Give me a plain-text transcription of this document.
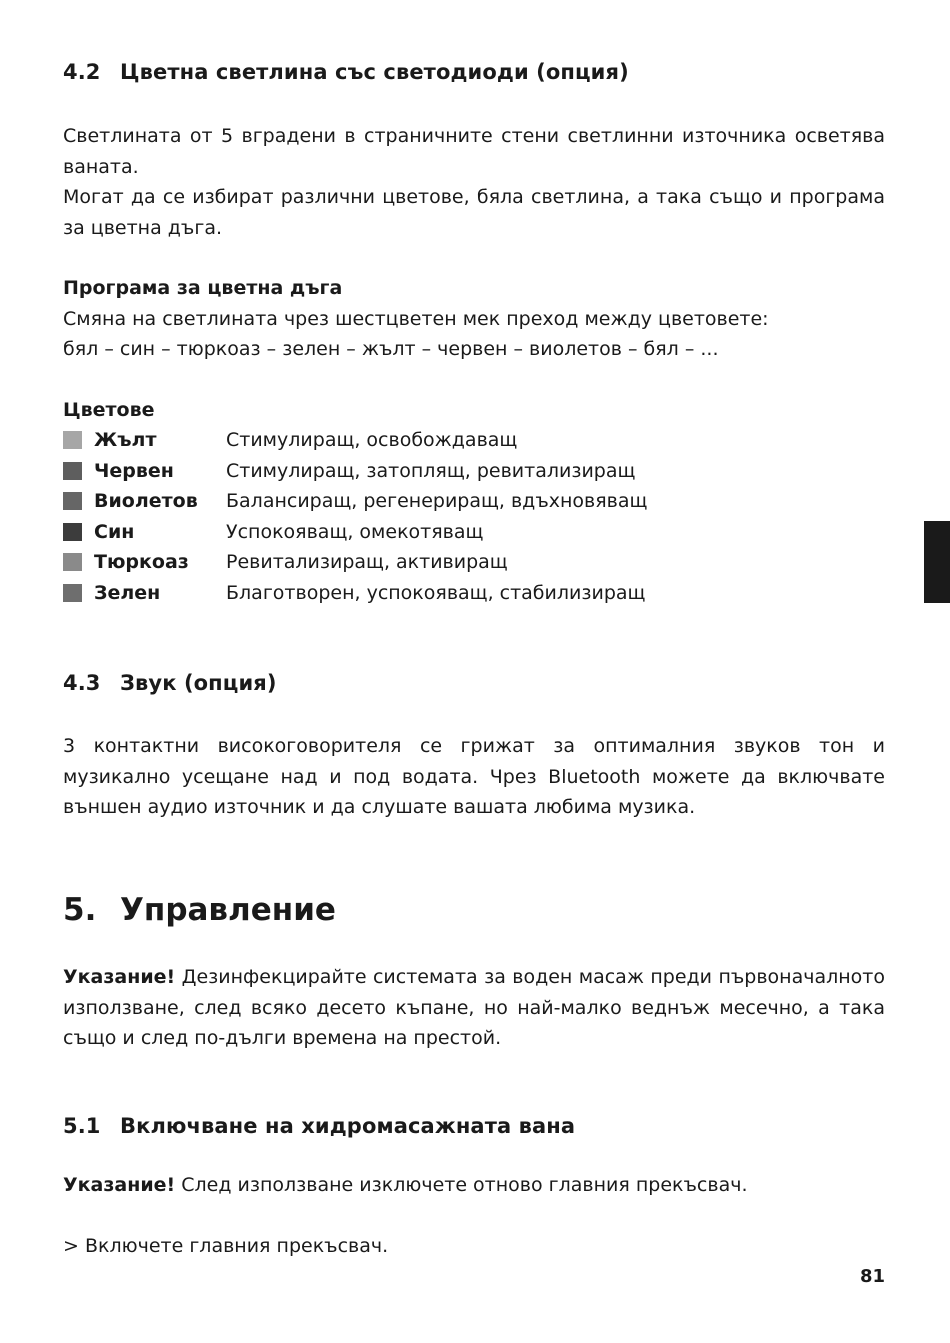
4.2 Цветна светлина със светодиоди (опция)
Светлината от 5 вградени в страничните стени светлинни източника осветява ваната.
Могат да се избират различни цветове, бяла светлина, а така също и програма за цветна дъга.
Програма за цветна дъга
Смяна на светлината чрез шестцветен мек преход между цветовете:
бял – син – тюркоаз – зелен – жълт – червен – виолетов – бял – ...
Цветове
Жълт	Стимулиращ, освобождаващ
Червен	Стимулиращ, затоплящ, ревитализиращ
Виолетов Балансиращ, регенериращ, вдъхновяващ
Син	Успокояващ, омекотяващ
Тюркоаз Ревитализиращ, активиращ
Зелен	Благотворен, успокояващ, стабилизиращ
4.3 Звук (опция)
3 контактни високоговорителя се грижат за оптималния звуков тон и музикално усещане над и под водата. Чрез Bluetooth можете да включвате външен аудио източник и да слушате вашата любима музика.
5. Управление
Указание! Дезинфекцирайте системата за воден масаж преди първоначалното използване, след всяко десето къпане, но най-малко веднъж месечно, а така също и след по-дълги времена на престой.
5.1 Включване на хидромасажната вана
Указание! След използване изключете отново главния прекъсвач.
> Включете главния прекъсвач.
81
